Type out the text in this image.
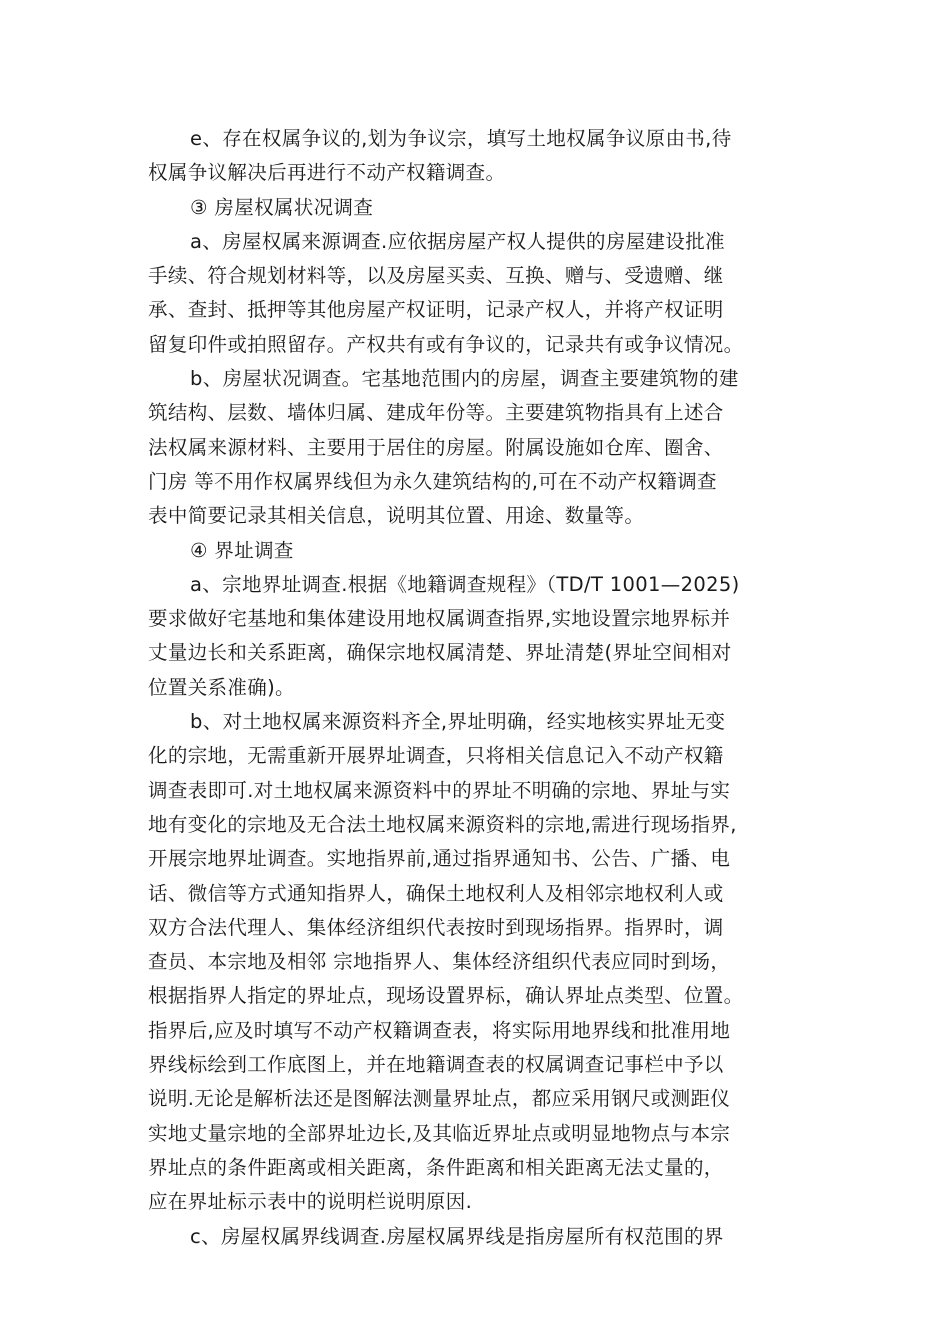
e、存在权属争议的,划为争议宗，填写土地权属争议原由书,待
权属争议解决后再进行不动产权籍调查。
③ 房屋权属状况调查
a、房屋权属来源调查.应依据房屋产权人提供的房屋建设批准
手续、符合规划材料等，以及房屋买卖、互换、赠与、受遗赠、继
承、查封、抵押等其他房屋产权证明，记录产权人，并将产权证明
留复印件或拍照留存。产权共有或有争议的，记录共有或争议情况。
b、房屋状况调查。宅基地范围内的房屋，调查主要建筑物的建
筑结构、层数、墙体归属、建成年份等。主要建筑物指具有上述合
法权属来源材料、主要用于居住的房屋。附属设施如仓库、圈舍、
门房 等不用作权属界线但为永久建筑结构的,可在不动产权籍调查
表中简要记录其相关信息，说明其位置、用途、数量等。
④ 界址调查
a、宗地界址调查.根据《地籍调查规程》（TD/T 1001—2025)
要求做好宅基地和集体建设用地权属调查指界,实地设置宗地界标并
丈量边长和关系距离，确保宗地权属清楚、界址清楚(界址空间相对
位置关系准确)。
b、对土地权属来源资料齐全,界址明确，经实地核实界址无变
化的宗地，无需重新开展界址调查，只将相关信息记入不动产权籍
调查表即可.对土地权属来源资料中的界址不明确的宗地、界址与实
地有变化的宗地及无合法土地权属来源资料的宗地,需进行现场指界,
开展宗地界址调查。实地指界前,通过指界通知书、公告、广播、电
话、微信等方式通知指界人，确保土地权利人及相邻宗地权利人或
双方合法代理人、集体经济组织代表按时到现场指界。指界时，调
查员、本宗地及相邻 宗地指界人、集体经济组织代表应同时到场，
根据指界人指定的界址点，现场设置界标，确认界址点类型、位置。
指界后,应及时填写不动产权籍调查表，将实际用地界线和批准用地
界线标绘到工作底图上，并在地籍调查表的权属调查记事栏中予以
说明.无论是解析法还是图解法测量界址点，都应采用钢尺或测距仪
实地丈量宗地的全部界址边长,及其临近界址点或明显地物点与本宗
界址点的条件距离或相关距离，条件距离和相关距离无法丈量的，
应在界址标示表中的说明栏说明原因.
c、房屋权属界线调查.房屋权属界线是指房屋所有权范围的界
